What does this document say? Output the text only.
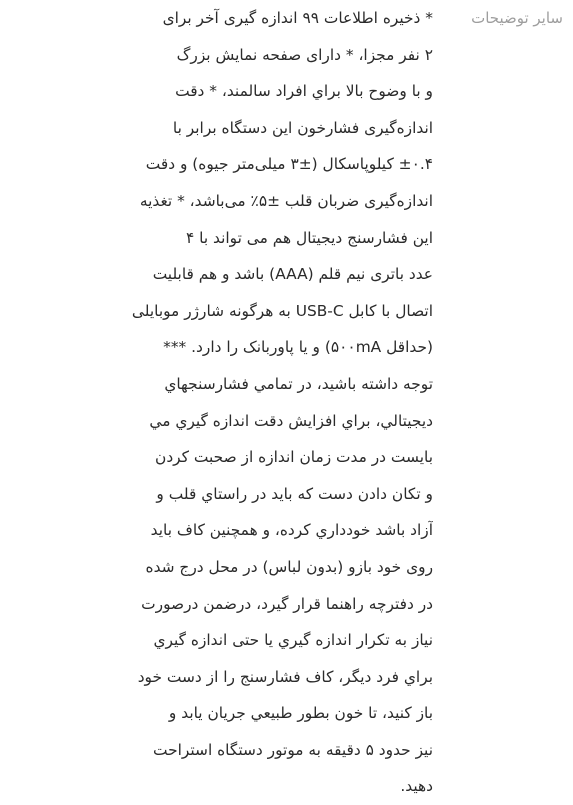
سایر توضیحات
* ذخیره اطلاعات ۹۹ اندازه گیری آخر برای
۲ نفر مجزا، * دارای صفحه نمایش بزرگ
و با وضوح بالا براي افراد سالمند، * دقت
اندازه‌گیری فشارخون این دستگاه برابر با
±۰.۴ کیلوپاسکال (±۳ میلی‌متر جیوه) و دقت
اندازه‌گیری ضربان قلب ±۵٪ می‌باشد، * تغذیه
این فشارسنج دیجیتال هم می تواند با ۴
عدد باتری نیم قلم (AAA) باشد و هم قابلیت
اتصال با کابل USB-C به هرگونه شارژر موبایلی
(حداقل ۵۰۰mA) و یا پاوربانک را دارد. ***
توجه داشته باشید، در تمامي فشارسنجهاي
ديجيتالي، براي افزايش دقت اندازه گيري مي
بايست در مدت زمان اندازه از صحبت کردن
و تکان دادن دست که بايد در راستاي قلب و
آزاد باشد خودداري کرده، و همچنين کاف بايد
روی خود بازو (بدون لباس) در محل درج شده
در دفترچه راهنما قرار گيرد، درضمن درصورت
نياز به تکرار اندازه گيري يا حتی اندازه گيري
براي فرد ديگر، کاف فشارسنج را از دست خود
باز کنيد، تا خون بطور طبيعي جريان يابد و
نيز حدود ۵ دقيقه به موتور دستگاه استراحت
دهيد.
